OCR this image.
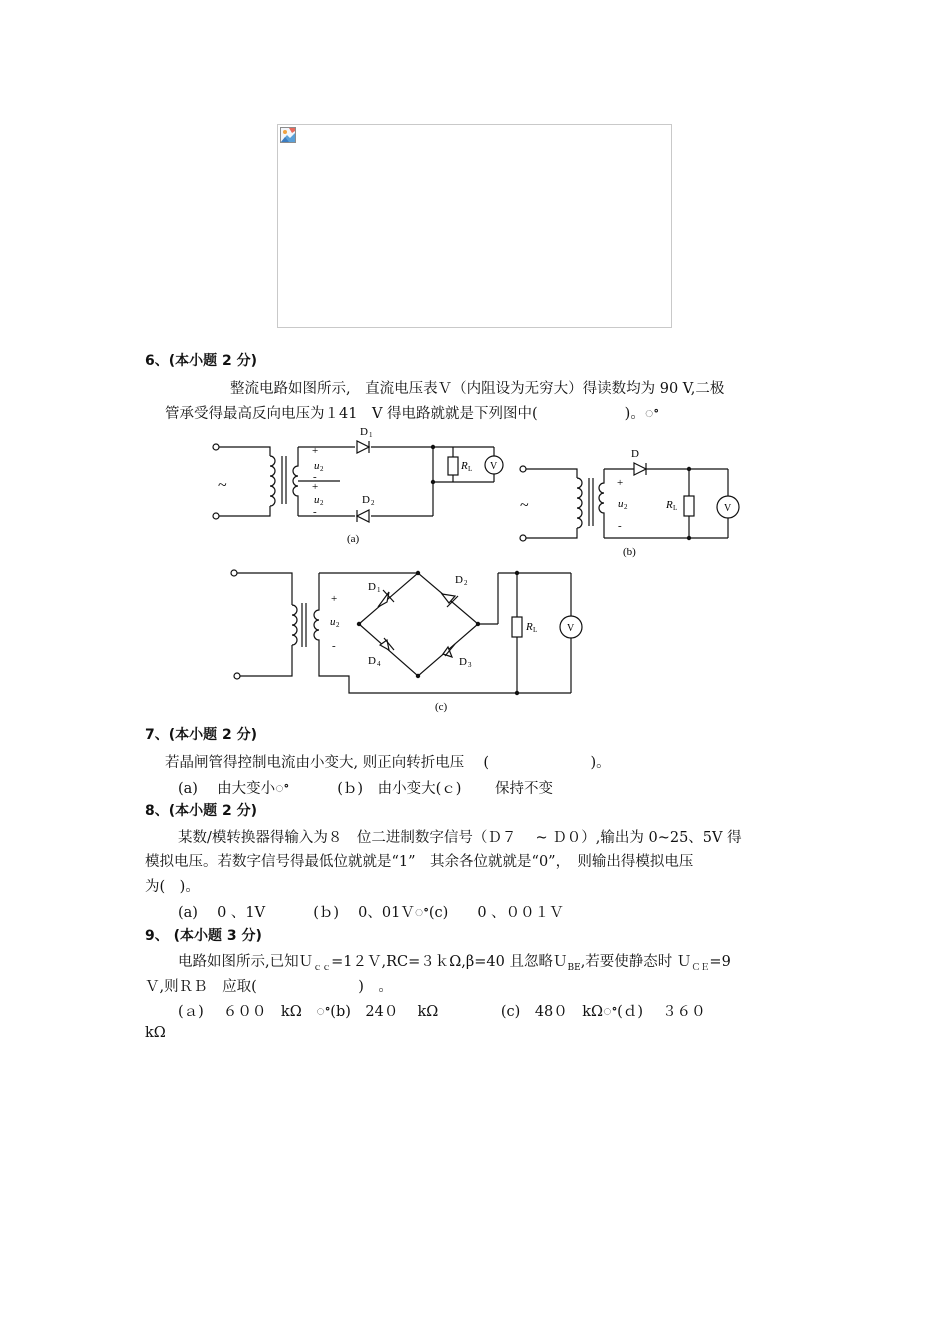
6、(本小题 2 分)
整流电路如图所示,　直流电压表Ｖ（内阻设为无穷大）得读数均为 90 V,二极
管承受得最高反向电压为１41　V 得电路就就是下列图中(　　　　　　)。ꢀ
D 1
D 2
+
u 2
-
+
u 2
-
~
R L V
(a)
D
+
u 2
-
~	R L	V
(b)
D 1
D 2
D 3
D 4
+
u 2
-
R L	V
(c)
7、(本小题 2 分)
若晶闸管得控制电流由小变大, 则正向转折电压　 (　　　　　　　)。
(a)　 由大变小ꢀ　　　 (ｂ)　由小变大(ｃ)　　 保持不变
8、(本小题 2 分)
某数/模转换器得输入为８　位二进制数字信号（Ｄ７　 ~ Ｄ０）,输出为 0~25、5V 得
模拟电压。若数字信号得最低位就就是“1”　其余各位就就是“0”，　则输出得模拟电压
为(　)。
(a)　 0 、1V　　　 (ｂ)　 0、01Ｖꢀ(c)　　0 、００１Ｖ
9、 (本小题 3 分)
电路如图所示,已知Ｕ$_{cc}$=1２Ｖ,RC=３ｋΩ,β=40 且忽略Ｕ$_{BE}$,若要使静态时 Ｕ$_{CE}$=9
Ｖ,则ＲＢ　应取(　　　　　　　)　。
(ａ)　 ６００　kΩ　ꢀ(b)　24０　 kΩ　　　　 (c)　48０　kΩꢀ(ｄ)　 ３６０
kΩ
